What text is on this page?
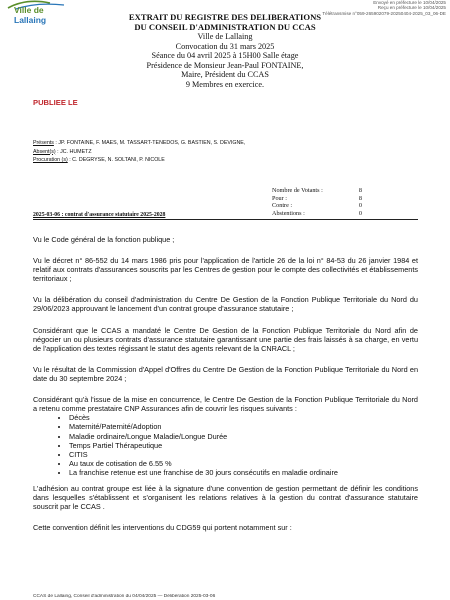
Ville de Lallaing
Envoyé en préfecture le 10/04/2025
Reçu en préfecture le 10/04/2025
Télétransmise n°059-265902079-20250404-2025_03_06-DE
EXTRAIT DU REGISTRE DES DELIBERATIONS
DU CONSEIL D'ADMINISTRATION DU CCAS
Ville de Lallaing
Convocation du 31 mars 2025
Séance du 04 avril 2025 à 15H00 Salle étage
Présidence de Monsieur Jean-Paul FONTAINE,
Maire, Président du CCAS
9 Membres en exercice.
PUBLIEE LE
Présents : JP. FONTAINE, F. MAES, M. TASSART-TENEDOS, G. BASTIEN, S. DEVIGNE,
Absent(s) : JC. HUMETZ
Procuration (s) : C. DEGRYSE, N. SOLTANI, P. NICOLE
Nombre de Votants :	8
Pour :	8
Contre :	0
Abstentions :	0
2025-03-06 : contrat d'assurance statutaire 2025-2028

Vu le Code général de la fonction publique ;

Vu le décret n° 86-552 du 14 mars 1986 pris pour l'application de l'article 26 de la loi n° 84-53 du 26 janvier 1984 et relatif aux contrats d'assurances souscrits par les Centres de gestion pour le compte des collectivités et établissements territoriaux ;

Vu la délibération du conseil d'administration du Centre De Gestion de la Fonction Publique Territoriale du Nord du 29/06/2023 approuvant le lancement d'un contrat groupe d'assurance statutaire ;

Considérant que le CCAS a mandaté le Centre De Gestion de la Fonction Publique Territoriale du Nord afin de négocier un ou plusieurs contrats d'assurance statutaire garantissant une partie des frais laissés à sa charge, en vertu de l'application des textes régissant le statut des agents relevant de la CNRACL ;

Vu le résultat de la Commission d'Appel d'Offres du Centre De Gestion de la Fonction Publique Territoriale du Nord en date du 30 septembre 2024 ;

Considérant qu'à l'issue de la mise en concurrence, le Centre De Gestion de la Fonction Publique Territoriale du Nord a retenu comme prestataire CNP Assurances afin de couvrir les risques suivants :

• Décès
• Maternité/Paternité/Adoption
• Maladie ordinaire/Longue Maladie/Longue Durée
• Temps Partiel Thérapeutique
• CITIS
• Au taux de cotisation de 6.55 %
• La franchise retenue est une franchise de 30 jours consécutifs en maladie ordinaire

L'adhésion au contrat groupe est liée à la signature d'une convention de gestion permettant de définir les conditions dans lesquelles s'établissent et s'organisent les relations relatives à la gestion du contrat d'assurance statutaire souscrit par le CCAS .

Cette convention définit les interventions du CDG59 qui portent notamment sur :

CCAS de Lallaing, Conseil d'administration du 04/04/2025 — Délibération 2025-03-06
